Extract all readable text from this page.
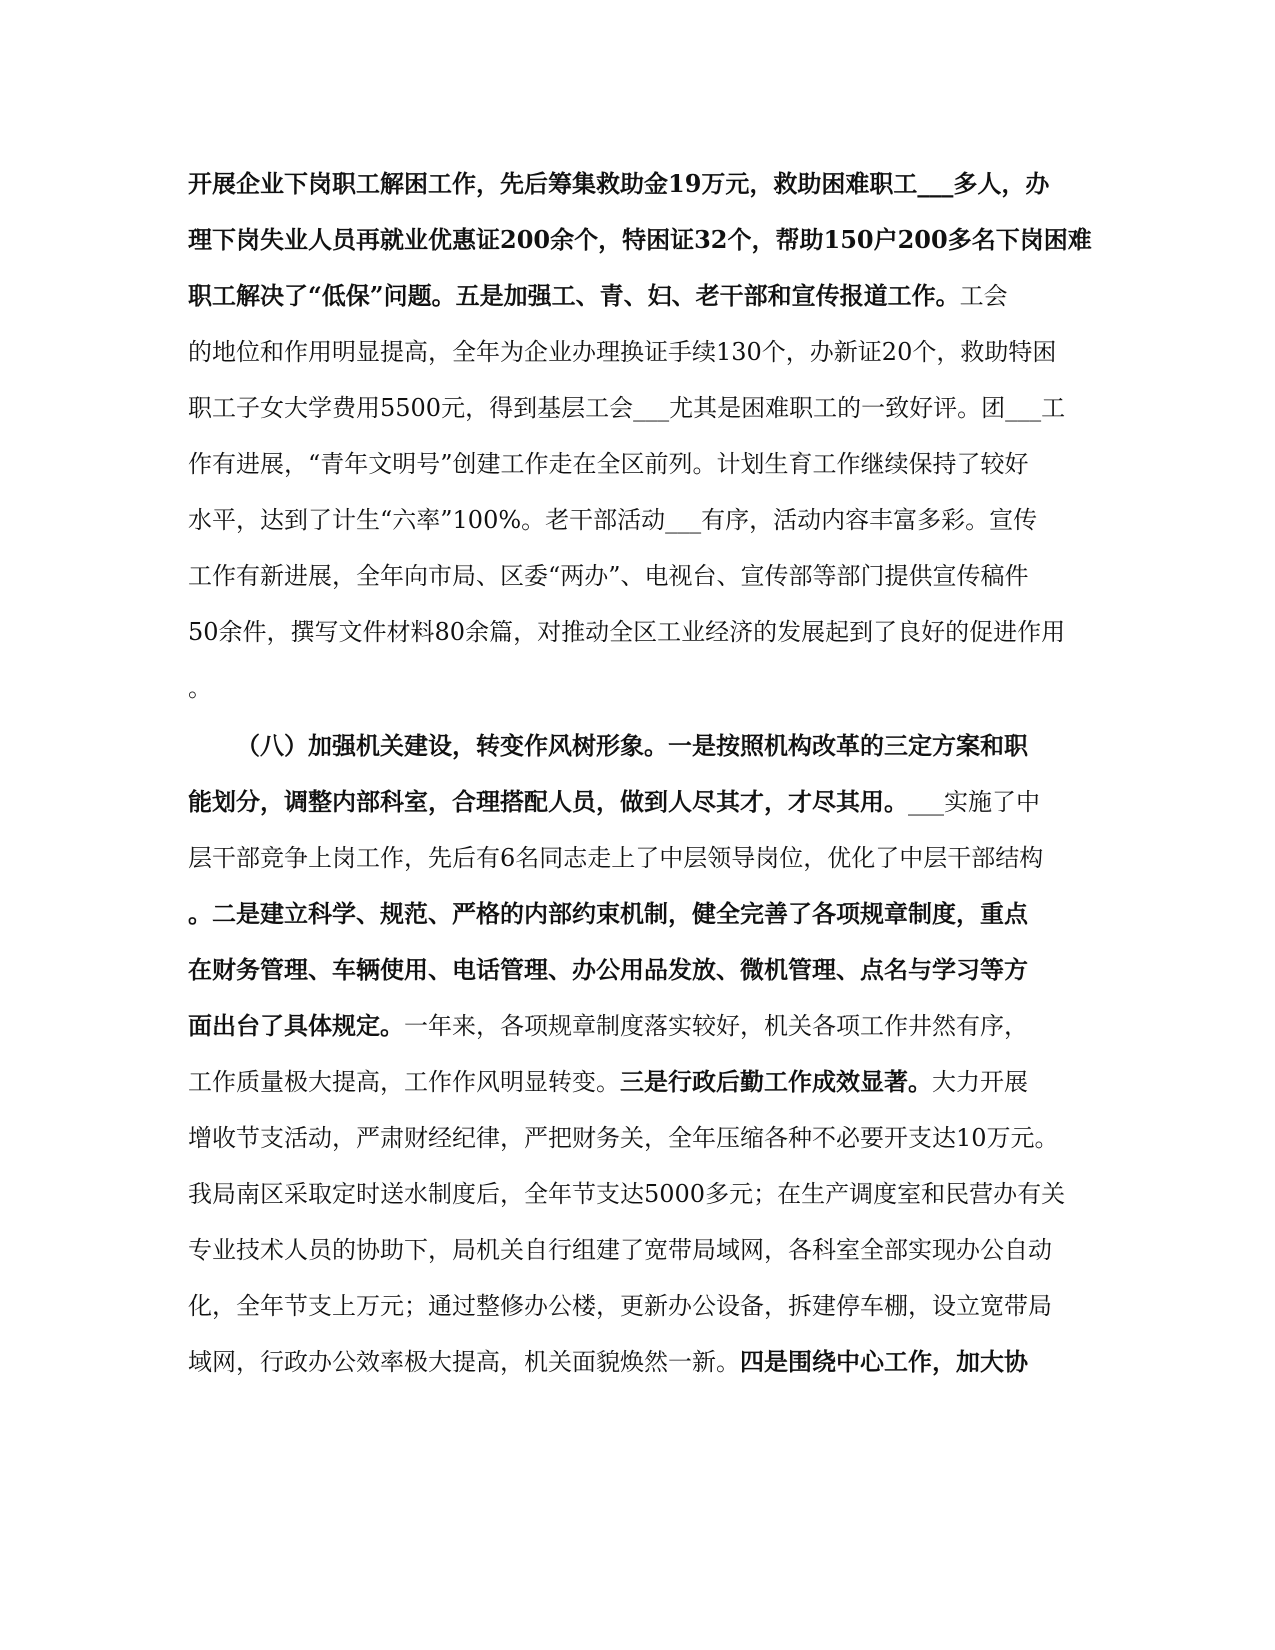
开展企业下岗职工解困工作，先后筹集救助金19万元，救助困难职工___多人，办
理下岗失业人员再就业优惠证200余个，特困证32个，帮助150户200多名下岗困难
职工解决了“低保”问题。五是加强工、青、妇、老干部和宣传报道工作。工会
的地位和作用明显提高，全年为企业办理换证手续130个，办新证20个，救助特困
职工子女大学费用5500元，得到基层工会___尤其是困难职工的一致好评。团___工
作有进展，“青年文明号”创建工作走在全区前列。计划生育工作继续保持了较好
水平，达到了计生“六率”100%。老干部活动___有序，活动内容丰富多彩。宣传
工作有新进展，全年向市局、区委“两办”、电视台、宣传部等部门提供宣传稿件
50余件，撰写文件材料80余篇，对推动全区工业经济的发展起到了良好的促进作用
。
（八）加强机关建设，转变作风树形象。一是按照机构改革的三定方案和职
能划分，调整内部科室，合理搭配人员，做到人尽其才，才尽其用。___实施了中
层干部竞争上岗工作，先后有6名同志走上了中层领导岗位，优化了中层干部结构
。二是建立科学、规范、严格的内部约束机制，健全完善了各项规章制度，重点
在财务管理、车辆使用、电话管理、办公用品发放、微机管理、点名与学习等方
面出台了具体规定。一年来，各项规章制度落实较好，机关各项工作井然有序，
工作质量极大提高，工作作风明显转变。三是行政后勤工作成效显著。大力开展
增收节支活动，严肃财经纪律，严把财务关，全年压缩各种不必要开支达10万元。
我局南区采取定时送水制度后，全年节支达5000多元；在生产调度室和民营办有关
专业技术人员的协助下，局机关自行组建了宽带局域网，各科室全部实现办公自动
化，全年节支上万元；通过整修办公楼，更新办公设备，拆建停车棚，设立宽带局
域网，行政办公效率极大提高，机关面貌焕然一新。四是围绕中心工作，加大协
